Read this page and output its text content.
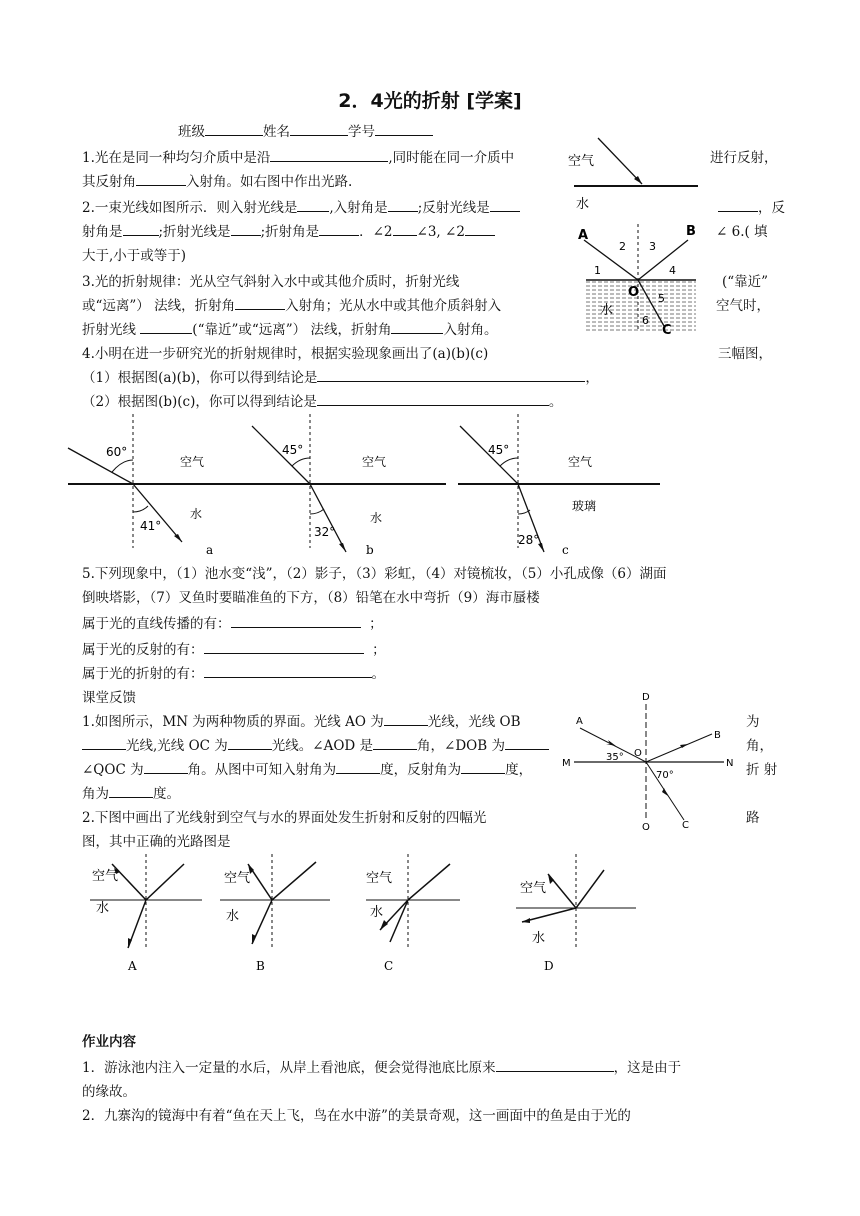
2．4光的折射 [学案]
班级	姓名	学号
1.光在是同一种均匀介质中是沿	,同时能在同一介质中	进行反射，
其反射角	入射角。如右图中作出光路.
2.一束光线如图所示．则入射光线是 ,入射角是 ;反射光线是	，反
射角是	;折射光线是 ;折射角是	．∠2 ∠3, ∠2	∠ 6.( 填
大于,小于或等于)
3.光的折射规律：光从空气斜射入水中或其他介质时，折射光线	(“靠近”
或“远离”） 法线，折射角	入射角；光从水中或其他介质斜射入	空气时，
折射光线	(“靠近”或“远离”） 法线，折射角	入射角。
4.小明在进一步研究光的折射规律时，根据实验现象画出了(a)(b)(c)	三幅图，
（1）根据图(a)(b)，你可以得到结论是	，
（2）根据图(b)(c)，你可以得到结论是	。
空气
水
A	B
C
O
1
2 3
4
5
6
水
60°
41°
空气
水
a
45°
32°
空气
水
b
45°
28°
空气
玻璃
c
5.下列现象中，（1）池水变“浅”，（2）影子，（3）彩虹，（4）对镜梳妆，（5）小孔成像（6）湖面
倒映塔影，（7）叉鱼时要瞄准鱼的下方，（8）铅笔在水中弯折（9）海市蜃楼
属于光的直线传播的有：	；
属于光的反射的有：	；
属于光的折射的有：	。
课堂反馈
1.如图所示，MN 为两种物质的界面。光线 AO 为	光线，光线 OB	为
光线,光线 OC 为	光线。∠AOD 是	角，∠DOB 为	角，
∠QOC 为	角。从图中可知入射角为	度，反射角为	度，	折 射
角为	度。
2.下图中画出了光线射到空气与水的界面处发生折射和反射的四幅光	路
图，其中正确的光路图是
D
Q
M	N
A
B
C
O
35°
70°
空气
水
A
空气
水
B
空气
水
C
空气
水
D
作业内容
1．游泳池内注入一定量的水后，从岸上看池底，便会觉得池底比原来	，这是由于
的缘故。
2．九寨沟的镜海中有着“鱼在天上飞，鸟在水中游”的美景奇观，这一画面中的鱼是由于光的
